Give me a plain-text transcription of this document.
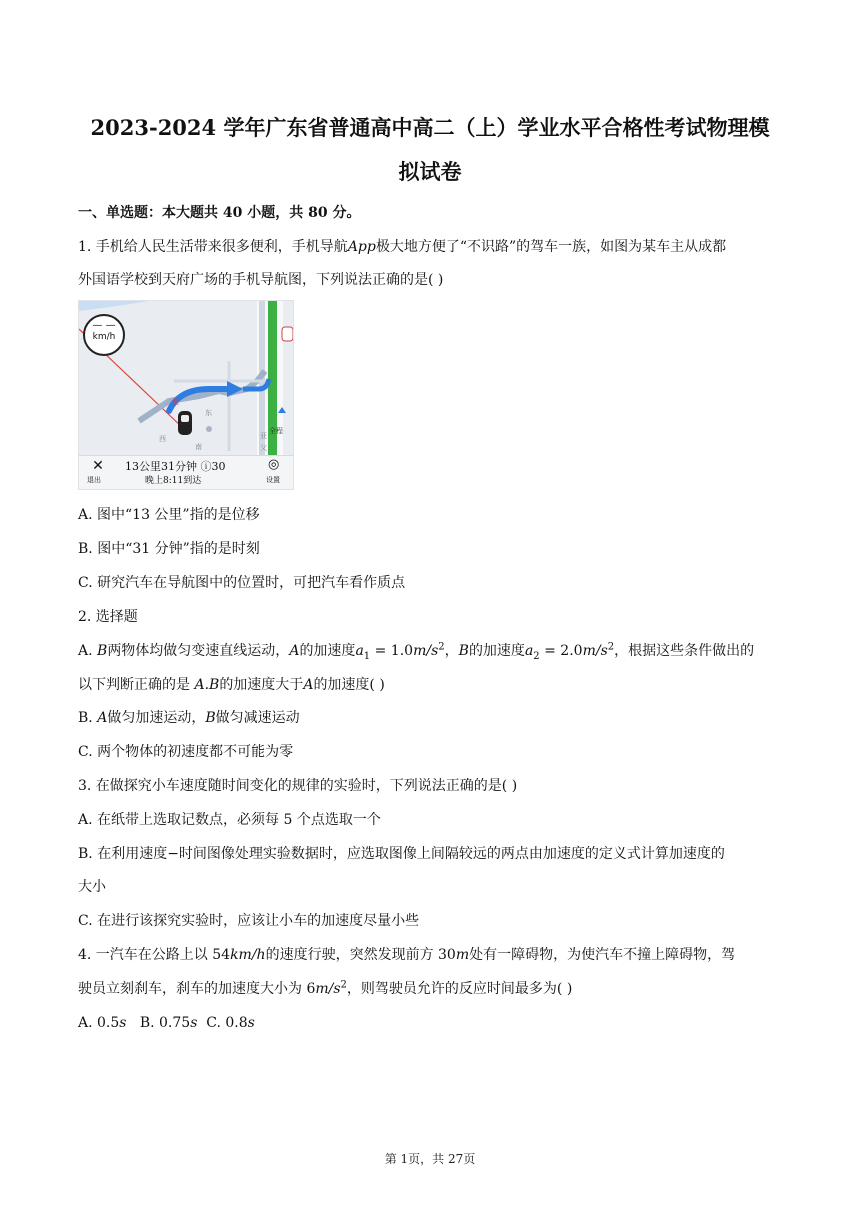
2023-2024 学年广东省普通高中高二（上）学业水平合格性考试物理模
拟试卷
一、单选题：本大题共 40 小题，共 80 分。
1. 手机给人民生活带来很多便利，手机导航App极大地方便了“不识路”的驾车一族，如图为某车主从成都
外国语学校到天府广场的手机导航图，下列说法正确的是( )
— —
km/h
北
东
西
南
亚
父
全程
✕
退出
13公里31分钟 ⓘ30
晚上8:11到达
◎
设置
A. 图中“13 公里”指的是位移
B. 图中“31 分钟”指的是时刻
C. 研究汽车在导航图中的位置时，可把汽车看作质点
2. 选择题
A. B两物体均做匀变速直线运动，A的加速度$a_1 = 1.0m/s^2$，B的加速度$a_2 = 2.0m/s^2$，根据这些条件做出的
以下判断正确的是 A.B的加速度大于A的加速度( )
B. A做匀加速运动，B做匀减速运动
C. 两个物体的初速度都不可能为零
3. 在做探究小车速度随时间变化的规律的实验时，下列说法正确的是( )
A. 在纸带上选取记数点，必须每 5 个点选取一个
B. 在利用速度−时间图像处理实验数据时，应选取图像上间隔较远的两点由加速度的定义式计算加速度的
大小
C. 在进行该探究实验时，应该让小车的加速度尽量小些
4. 一汽车在公路上以 54km/h的速度行驶，突然发现前方 30m处有一障碍物，为使汽车不撞上障碍物，驾
驶员立刻刹车，刹车的加速度大小为 $6m/s^2$，则驾驶员允许的反应时间最多为( )
A. 0.5s   B. 0.75s  C. 0.8s
第 1页，共 27页
